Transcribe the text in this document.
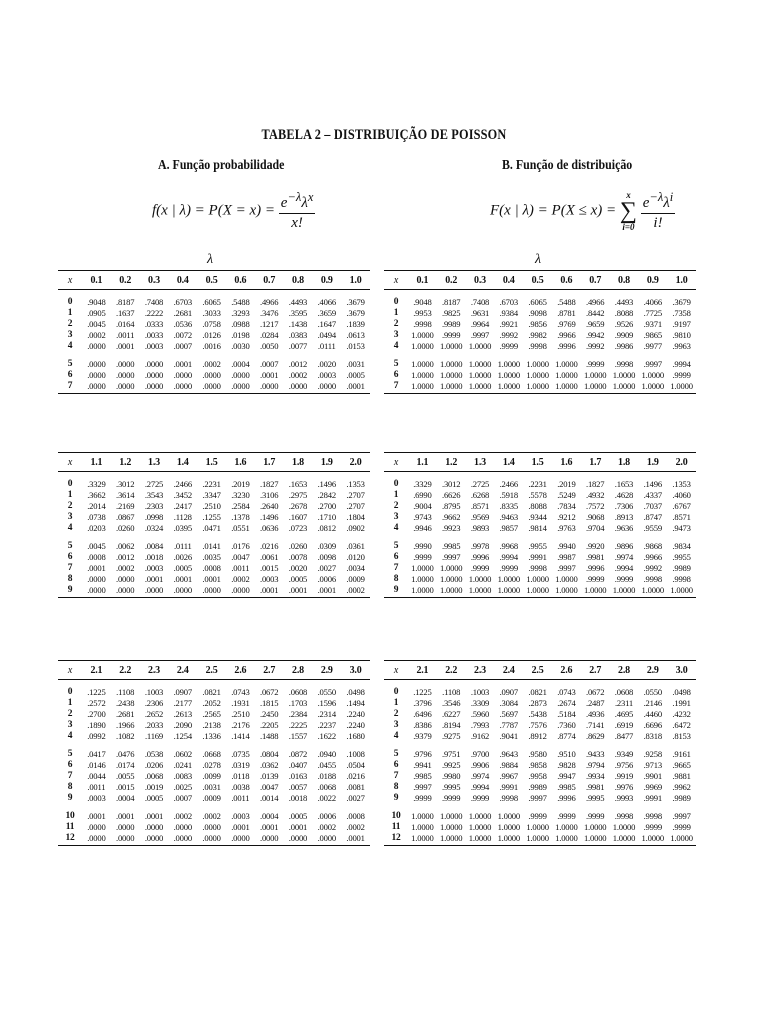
TABELA 2 – DISTRIBUIÇÃO DE POISSON
A. Função probabilidade	B. Função de distribuição
f(x | $\lambda) = P(X = x) = \frac{e^{-\lambda}\lambda^x}{x!}$	F(x | λ) = P(X ≤ x) =
x
∑
i=0
$\frac{e^{-\lambda}\lambda^i}{i!}$
λ	λ
x	0.1	0.2	0.3	0.4	0.5	0.6	0.7	0.8	0.9	1.0
0	.9048	.8187	.7408	.6703	.6065	.5488	.4966	.4493	.4066	.3679
1	.0905	.1637	.2222	.2681	.3033	.3293	.3476	.3595	.3659	.3679
2	.0045	.0164	.0333	.0536	.0758	.0988	.1217	.1438	.1647	.1839
3	.0002	.0011	.0033	.0072	.0126	.0198	.0284	.0383	.0494	.0613
4	.0000	.0001	.0003	.0007	.0016	.0030	.0050	.0077	.0111	.0153
5	.0000	.0000	.0000	.0001	.0002	.0004	.0007	.0012	.0020	.0031
6	.0000	.0000	.0000	.0000	.0000	.0000	.0001	.0002	.0003	.0005
7	.0000	.0000	.0000	.0000	.0000	.0000	.0000	.0000	.0000	.0001
x	0.1	0.2	0.3	0.4	0.5	0.6	0.7	0.8	0.9	1.0
0	.9048	.8187	.7408	.6703	.6065	.5488	.4966	.4493	.4066	.3679
1	.9953	.9825	.9631	.9384	.9098	.8781	.8442	.8088	.7725	.7358
2	.9998	.9989	.9964	.9921	.9856	.9769	.9659	.9526	.9371	.9197
3	1.0000	.9999	.9997	.9992	.9982	.9966	.9942	.9909	.9865	.9810
4	1.0000	1.0000	1.0000	.9999	.9998	.9996	.9992	.9986	.9977	.9963
5	1.0000	1.0000	1.0000	1.0000	1.0000	1.0000	.9999	.9998	.9997	.9994
6	1.0000	1.0000	1.0000	1.0000	1.0000	1.0000	1.0000	1.0000	1.0000	.9999
7	1.0000	1.0000	1.0000	1.0000	1.0000	1.0000	1.0000	1.0000	1.0000	1.0000
x	1.1	1.2	1.3	1.4	1.5	1.6	1.7	1.8	1.9	2.0
0	.3329	.3012	.2725	.2466	.2231	.2019	.1827	.1653	.1496	.1353
1	.3662	.3614	.3543	.3452	.3347	.3230	.3106	.2975	.2842	.2707
2	.2014	.2169	.2303	.2417	.2510	.2584	.2640	.2678	.2700	.2707
3	.0738	.0867	.0998	.1128	.1255	.1378	.1496	.1607	.1710	.1804
4	.0203	.0260	.0324	.0395	.0471	.0551	.0636	.0723	.0812	.0902
5	.0045	.0062	.0084	.0111	.0141	.0176	.0216	.0260	.0309	.0361
6	.0008	.0012	.0018	.0026	.0035	.0047	.0061	.0078	.0098	.0120
7	.0001	.0002	.0003	.0005	.0008	.0011	.0015	.0020	.0027	.0034
8	.0000	.0000	.0001	.0001	.0001	.0002	.0003	.0005	.0006	.0009
9	.0000	.0000	.0000	.0000	.0000	.0000	.0001	.0001	.0001	.0002
x	1.1	1.2	1.3	1.4	1.5	1.6	1.7	1.8	1.9	2.0
0	.3329	.3012	.2725	.2466	.2231	.2019	.1827	.1653	.1496	.1353
1	.6990	.6626	.6268	.5918	.5578	.5249	.4932	.4628	.4337	.4060
2	.9004	.8795	.8571	.8335	.8088	.7834	.7572	.7306	.7037	.6767
3	.9743	.9662	.9569	.9463	.9344	.9212	.9068	.8913	.8747	.8571
4	.9946	.9923	.9893	.9857	.9814	.9763	.9704	.9636	.9559	.9473
5	.9990	.9985	.9978	.9968	.9955	.9940	.9920	.9896	.9868	.9834
6	.9999	.9997	.9996	.9994	.9991	.9987	.9981	.9974	.9966	.9955
7	1.0000	1.0000	.9999	.9999	.9998	.9997	.9996	.9994	.9992	.9989
8	1.0000	1.0000	1.0000	1.0000	1.0000	1.0000	.9999	.9999	.9998	.9998
9	1.0000	1.0000	1.0000	1.0000	1.0000	1.0000	1.0000	1.0000	1.0000	1.0000
x	2.1	2.2	2.3	2.4	2.5	2.6	2.7	2.8	2.9	3.0
0	.1225	.1108	.1003	.0907	.0821	.0743	.0672	.0608	.0550	.0498
1	.2572	.2438	.2306	.2177	.2052	.1931	.1815	.1703	.1596	.1494
2	.2700	.2681	.2652	.2613	.2565	.2510	.2450	.2384	.2314	.2240
3	.1890	.1966	.2033	.2090	.2138	.2176	.2205	.2225	.2237	.2240
4	.0992	.1082	.1169	.1254	.1336	.1414	.1488	.1557	.1622	.1680
5	.0417	.0476	.0538	.0602	.0668	.0735	.0804	.0872	.0940	.1008
6	.0146	.0174	.0206	.0241	.0278	.0319	.0362	.0407	.0455	.0504
7	.0044	.0055	.0068	.0083	.0099	.0118	.0139	.0163	.0188	.0216
8	.0011	.0015	.0019	.0025	.0031	.0038	.0047	.0057	.0068	.0081
9	.0003	.0004	.0005	.0007	.0009	.0011	.0014	.0018	.0022	.0027
10	.0001	.0001	.0001	.0002	.0002	.0003	.0004	.0005	.0006	.0008
11	.0000	.0000	.0000	.0000	.0000	.0001	.0001	.0001	.0002	.0002
12	.0000	.0000	.0000	.0000	.0000	.0000	.0000	.0000	.0000	.0001
x	2.1	2.2	2.3	2.4	2.5	2.6	2.7	2.8	2.9	3.0
0	.1225	.1108	.1003	.0907	.0821	.0743	.0672	.0608	.0550	.0498
1	.3796	.3546	.3309	.3084	.2873	.2674	.2487	.2311	.2146	.1991
2	.6496	.6227	.5960	.5697	.5438	.5184	.4936	.4695	.4460	.4232
3	.8386	.8194	.7993	.7787	.7576	.7360	.7141	.6919	.6696	.6472
4	.9379	.9275	.9162	.9041	.8912	.8774	.8629	.8477	.8318	.8153
5	.9796	.9751	.9700	.9643	.9580	.9510	.9433	.9349	.9258	.9161
6	.9941	.9925	.9906	.9884	.9858	.9828	.9794	.9756	.9713	.9665
7	.9985	.9980	.9974	.9967	.9958	.9947	.9934	.9919	.9901	.9881
8	.9997	.9995	.9994	.9991	.9989	.9985	.9981	.9976	.9969	.9962
9	.9999	.9999	.9999	.9998	.9997	.9996	.9995	.9993	.9991	.9989
10	1.0000	1.0000	1.0000	1.0000	.9999	.9999	.9999	.9998	.9998	.9997
11	1.0000	1.0000	1.0000	1.0000	1.0000	1.0000	1.0000	1.0000	.9999	.9999
12	1.0000	1.0000	1.0000	1.0000	1.0000	1.0000	1.0000	1.0000	1.0000	1.0000
